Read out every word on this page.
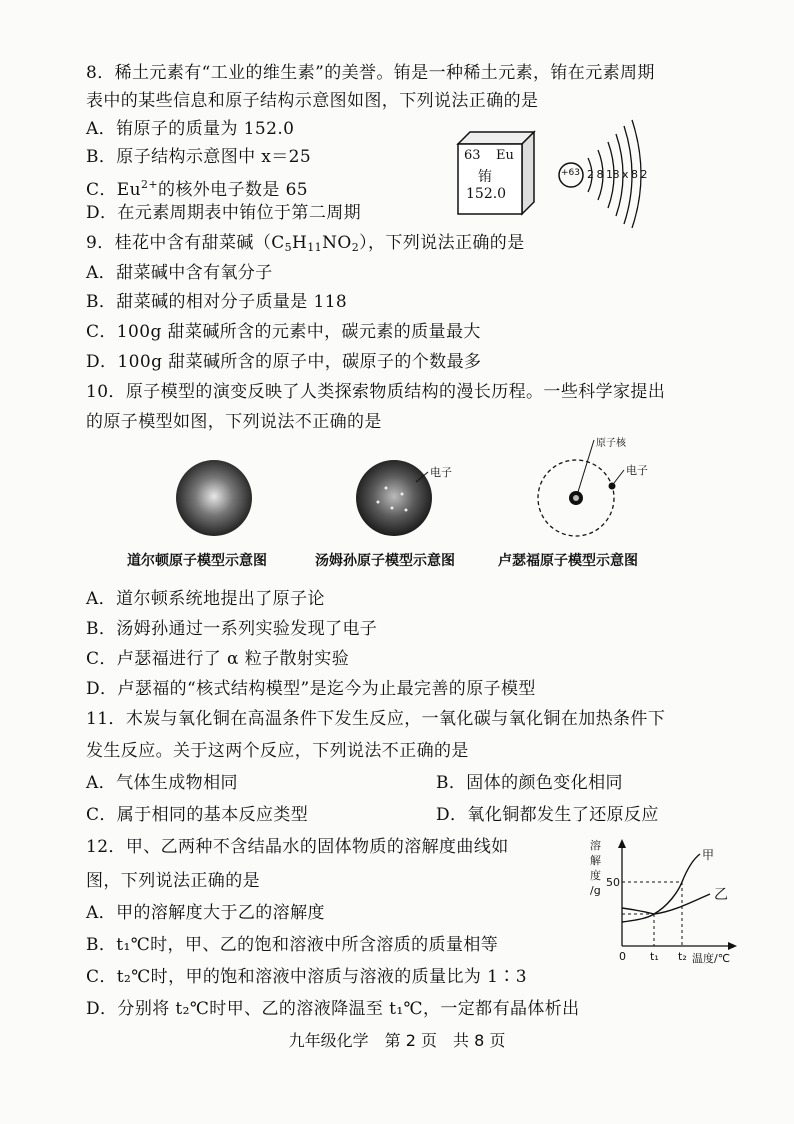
8．稀土元素有“工业的维生素”的美誉。铕是一种稀土元素，铕在元素周期
表中的某些信息和原子结构示意图如图，下列说法正确的是
A．铕原子的质量为 152.0
B．原子结构示意图中 x＝25
C．$Eu^{2+}$的核外电子数是 65
D．在元素周期表中铕位于第二周期
63 Eu
铕
152.0
+63 2 8 18 x 8 2
9．桂花中含有甜菜碱$(C_5H_{11}NO_2)$，下列说法正确的是
A．甜菜碱中含有氧分子
B．甜菜碱的相对分子质量是 118
C．100g 甜菜碱所含的元素中，碳元素的质量最大
D．100g 甜菜碱所含的原子中，碳原子的个数最多
10．原子模型的演变反映了人类探索物质结构的漫长历程。一些科学家提出
的原子模型如图，下列说法不正确的是
电子
原子核
电子
道尔顿原子模型示意图	汤姆孙原子模型示意图	卢瑟福原子模型示意图
A．道尔顿系统地提出了原子论
B．汤姆孙通过一系列实验发现了电子
C．卢瑟福进行了 α 粒子散射实验
D．卢瑟福的“核式结构模型”是迄今为止最完善的原子模型
11．木炭与氧化铜在高温条件下发生反应，一氧化碳与氧化铜在加热条件下
发生反应。关于这两个反应，下列说法不正确的是
A．气体生成物相同	B．固体的颜色变化相同
C．属于相同的基本反应类型	D．氧化铜都发生了还原反应
12．甲、乙两种不含结晶水的固体物质的溶解度曲线如
图，下列说法正确的是
A．甲的溶解度大于乙的溶解度
B．t₁℃时，甲、乙的饱和溶液中所含溶质的质量相等
C．t₂℃时，甲的饱和溶液中溶质与溶液的质量比为 1∶3
D．分别将 t₂℃时甲、乙的溶液降温至 t₁℃，一定都有晶体析出
溶
解
度
/g
50
0 t₁ t₂ 温度/℃
甲
乙
九年级化学　第 2 页　共 8 页
